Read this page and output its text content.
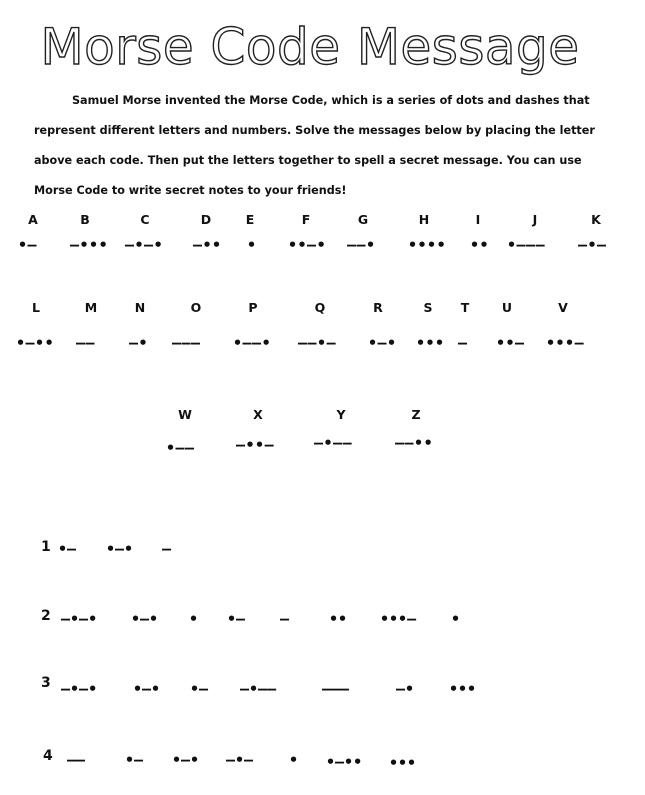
Morse Code Message
Samuel Morse invented the Morse Code, which is a series of dots and dashes that represent different letters and numbers. Solve the messages below by placing the letter above each code. Then put the letters together to spell a secret message. You can use Morse Code to write secret notes to your friends!
A
•–
B
–•••
C
–•–•
D
–••
E
•
F
••–•
G
––•
H
••••
I
••
J
•–––
K
–•–
L
•–••
M
––
N
–•
O
–––
P
•––•
Q
––•–
R
•–•
S
•••
T
–
U
••–
V
•••–
W
•––
X
–••–
Y
–•––
Z
––••
1 •– •–• –
2 –•–• •–• • •– –	•• •••– •
3 –•–• •–• •– –•––	–––	–• •••
4 ––	•– •–• –•– • •–•• •••
